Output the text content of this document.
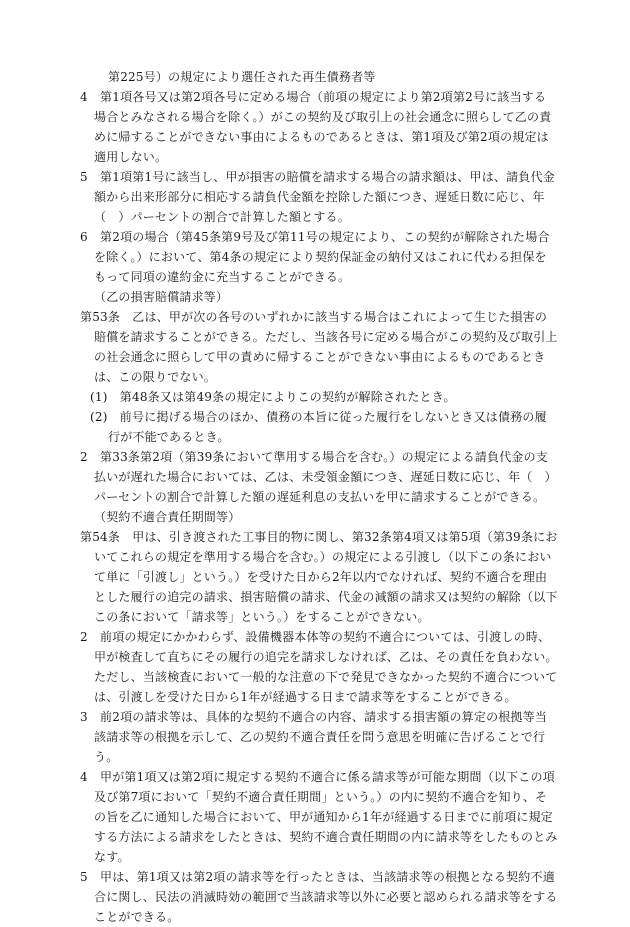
第225号）の規定により選任された再生債務者等

4　第1項各号又は第2項各号に定める場合（前項の規定により第2項第2号に該当する場合とみなされる場合を除く。）がこの契約及び取引上の社会通念に照らして乙の責めに帰することができない事由によるものであるときは、第1項及び第2項の規定は適用しない。

5　第1項第1号に該当し、甲が損害の賠償を請求する場合の請求額は、甲は、請負代金額から出来形部分に相応する請負代金額を控除した額につき、遅延日数に応じ、年（　）パーセントの割合で計算した額とする。

6　第2項の場合（第45条第9号及び第11号の規定により、この契約が解除された場合を除く。）において、第4条の規定により契約保証金の納付又はこれに代わる担保をもって同項の違約金に充当することができる。

（乙の損害賠償請求等）

第53条　乙は、甲が次の各号のいずれかに該当する場合はこれによって生じた損害の賠償を請求することができる。ただし、当該各号に定める場合がこの契約及び取引上の社会通念に照らして甲の責めに帰することができない事由によるものであるときは、この限りでない。

(1)　第48条又は第49条の規定によりこの契約が解除されたとき。

(2)　前号に掲げる場合のほか、債務の本旨に従った履行をしないとき又は債務の履行が不能であるとき。

2　第33条第2項（第39条において準用する場合を含む。）の規定による請負代金の支払いが遅れた場合においては、乙は、未受領金額につき、遅延日数に応じ、年（　）パーセントの割合で計算した額の遅延利息の支払いを甲に請求することができる。

（契約不適合責任期間等）

第54条　甲は、引き渡された工事目的物に関し、第32条第4項又は第5項（第39条においてこれらの規定を準用する場合を含む。）の規定による引渡し（以下この条において単に「引渡し」という。）を受けた日から2年以内でなければ、契約不適合を理由とした履行の追完の請求、損害賠償の請求、代金の減額の請求又は契約の解除（以下この条において「請求等」という。）をすることができない。

2　前項の規定にかかわらず、設備機器本体等の契約不適合については、引渡しの時、甲が検査して直ちにその履行の追完を請求しなければ、乙は、その責任を負わない。ただし、当該検査において一般的な注意の下で発見できなかった契約不適合については、引渡しを受けた日から1年が経過する日まで請求等をすることができる。

3　前2項の請求等は、具体的な契約不適合の内容、請求する損害額の算定の根拠等当該請求等の根拠を示して、乙の契約不適合責任を問う意思を明確に告げることで行う。

4　甲が第1項又は第2項に規定する契約不適合に係る請求等が可能な期間（以下この項及び第7項において「契約不適合責任期間」という。）の内に契約不適合を知り、その旨を乙に通知した場合において、甲が通知から1年が経過する日までに前項に規定する方法による請求をしたときは、契約不適合責任期間の内に請求等をしたものとみなす。

5　甲は、第1項又は第2項の請求等を行ったときは、当該請求等の根拠となる契約不適合に関し、民法の消滅時効の範囲で当該請求等以外に必要と認められる請求等をすることができる。
